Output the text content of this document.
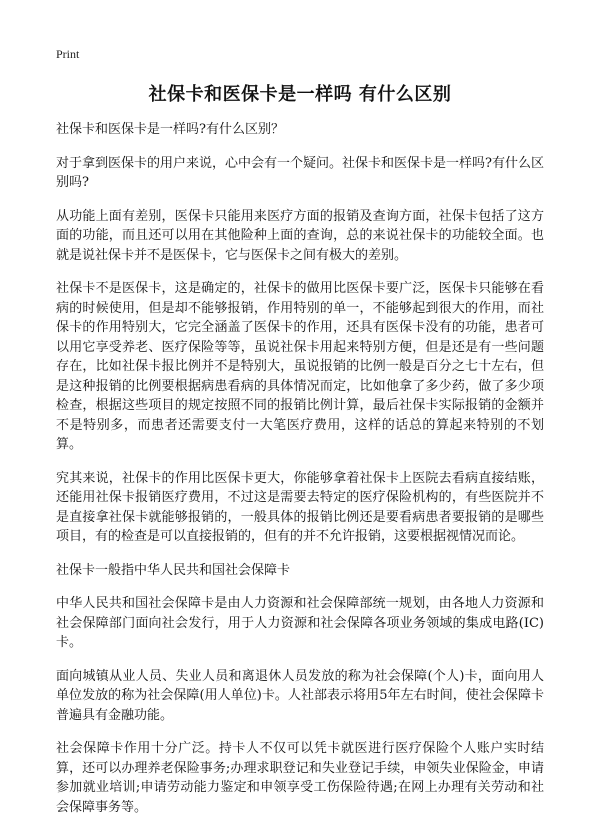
Print
社保卡和医保卡是一样吗 有什么区别

社保卡和医保卡是一样吗?有什么区别？

对于拿到医保卡的用户来说，心中会有一个疑问。社保卡和医保卡是一样吗?有什么区别吗?

从功能上面有差别，医保卡只能用来医疗方面的报销及查询方面，社保卡包括了这方面的功能，而且还可以用在其他险种上面的查询，总的来说社保卡的功能较全面。也就是说社保卡并不是医保卡，它与医保卡之间有极大的差别。

社保卡不是医保卡，这是确定的，社保卡的做用比医保卡要广泛，医保卡只能够在看病的时候使用，但是却不能够报销，作用特别的单一，不能够起到很大的作用，而社保卡的作用特别大，它完全涵盖了医保卡的作用，还具有医保卡没有的功能，患者可以用它享受养老、医疗保险等等，虽说社保卡用起来特别方便，但是还是有一些问题存在，比如社保卡报比例并不是特别大，虽说报销的比例一般是百分之七十左右，但是这种报销的比例要根据病患看病的具体情况而定，比如他拿了多少药，做了多少项检查，根据这些项目的规定按照不同的报销比例计算，最后社保卡实际报销的金额并不是特别多，而患者还需要支付一大笔医疗费用，这样的话总的算起来特别的不划算。

究其来说，社保卡的作用比医保卡更大，你能够拿着社保卡上医院去看病直接结账，还能用社保卡报销医疗费用，不过这是需要去特定的医疗保险机构的，有些医院并不是直接拿社保卡就能够报销的，一般具体的报销比例还是要看病患者要报销的是哪些项目，有的检查是可以直接报销的，但有的并不允许报销，这要根据视情况而论。

社保卡一般指中华人民共和国社会保障卡

中华人民共和国社会保障卡是由人力资源和社会保障部统一规划，由各地人力资源和社会保障部门面向社会发行，用于人力资源和社会保障各项业务领域的集成电路(IC)卡。

面向城镇从业人员、失业人员和离退休人员发放的称为社会保障(个人)卡，面向用人单位发放的称为社会保障(用人单位)卡。人社部表示将用5年左右时间，使社会保障卡普遍具有金融功能。

社会保障卡作用十分广泛。持卡人不仅可以凭卡就医进行医疗保险个人账户实时结算，还可以办理养老保险事务;办理求职登记和失业登记手续，申领失业保险金，申请参加就业培训;申请劳动能力鉴定和申领享受工伤保险待遇;在网上办理有关劳动和社会保障事务等。
